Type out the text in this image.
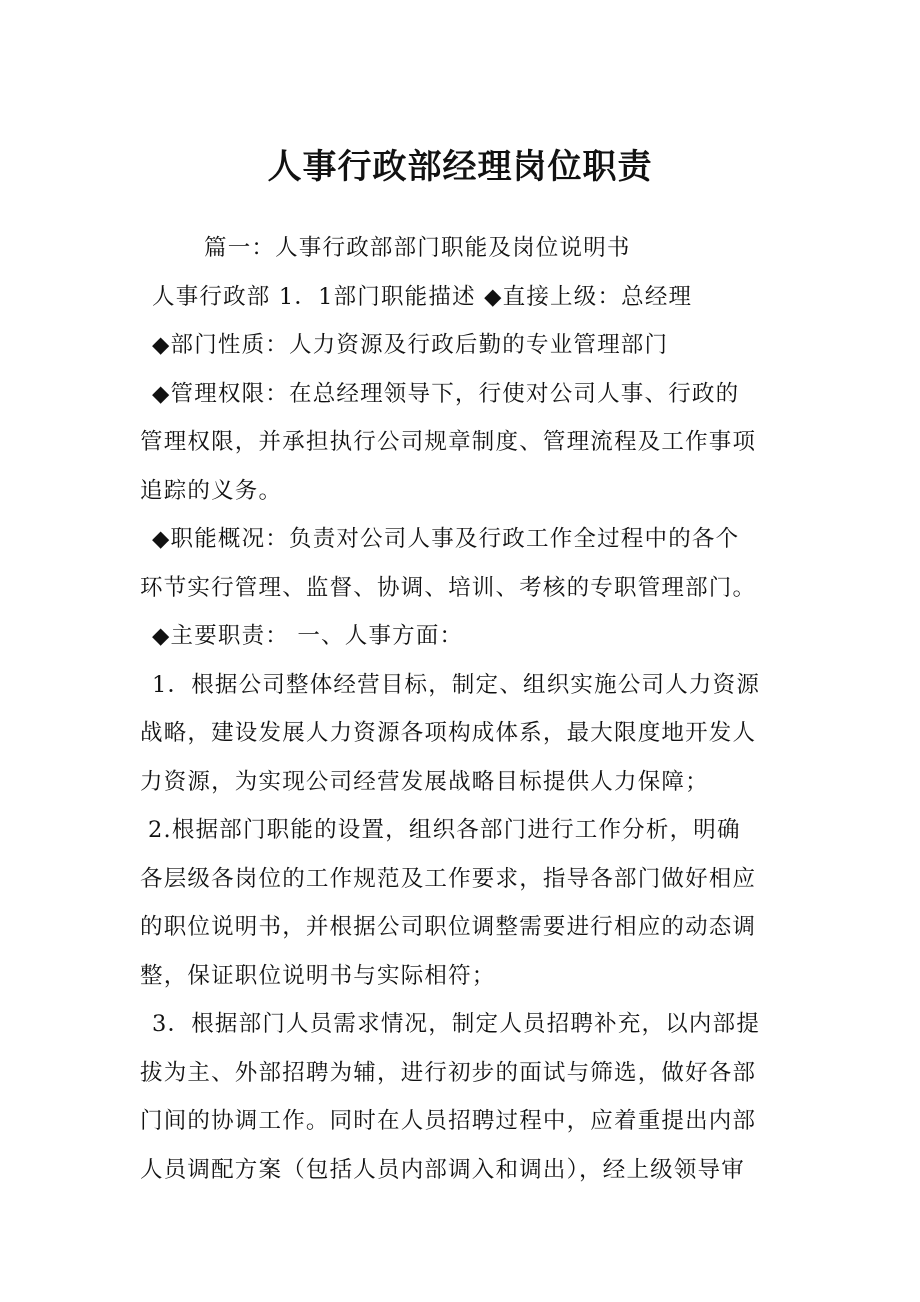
人事行政部经理岗位职责
篇一：人事行政部部门职能及岗位说明书
人事行政部 1．1部门职能描述 ◆直接上级：总经理
◆部门性质：人力资源及行政后勤的专业管理部门
◆管理权限：在总经理领导下，行使对公司人事、行政的
管理权限，并承担执行公司规章制度、管理流程及工作事项
追踪的义务。
◆职能概况：负责对公司人事及行政工作全过程中的各个
环节实行管理、监督、协调、培训、考核的专职管理部门。
◆主要职责： 一、人事方面：
1．根据公司整体经营目标，制定、组织实施公司人力资源
战略，建设发展人力资源各项构成体系，最大限度地开发人
力资源，为实现公司经营发展战略目标提供人力保障；
2.根据部门职能的设置，组织各部门进行工作分析，明确
各层级各岗位的工作规范及工作要求，指导各部门做好相应
的职位说明书，并根据公司职位调整需要进行相应的动态调
整，保证职位说明书与实际相符；
3．根据部门人员需求情况，制定人员招聘补充，以内部提
拔为主、外部招聘为辅，进行初步的面试与筛选，做好各部
门间的协调工作。同时在人员招聘过程中，应着重提出内部
人员调配方案（包括人员内部调入和调出），经上级领导审
